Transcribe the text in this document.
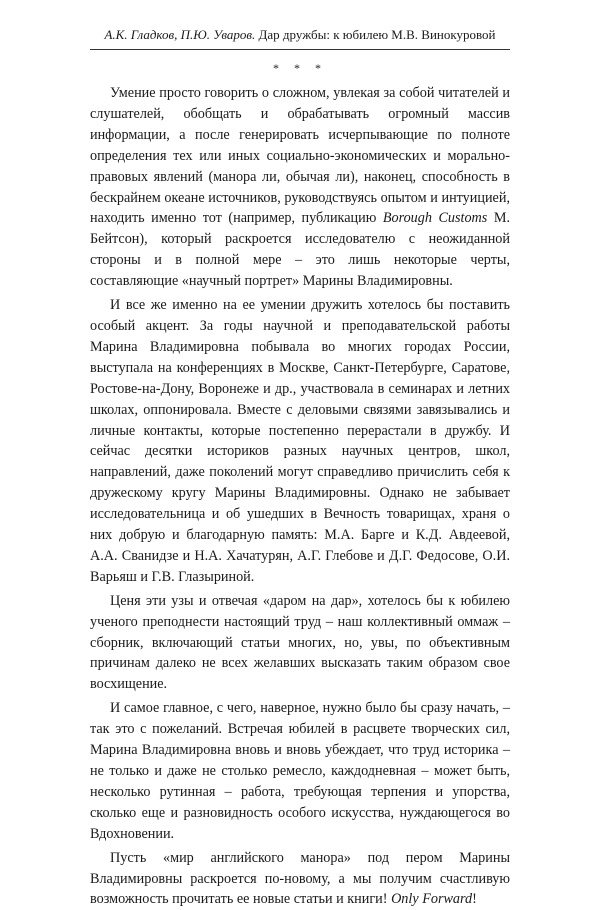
А.К. Гладков, П.Ю. Уваров. Дар дружбы: к юбилею М.В. Винокуровой
* * *

Умение просто говорить о сложном, увлекая за собой читателей и слушателей, обобщать и обрабатывать огромный массив информации, а после генерировать исчерпывающие по полноте определения тех или иных социально-экономических и морально-правовых явлений (манора ли, обычая ли), наконец, способность в бескрайнем океане источников, руководствуясь опытом и интуицией, находить именно тот (например, публикацию Borough Customs М. Бейтсон), который раскроется исследователю с неожиданной стороны и в полной мере – это лишь некоторые черты, составляющие «научный портрет» Марины Владимировны.

И все же именно на ее умении дружить хотелось бы поставить особый акцент. За годы научной и преподавательской работы Марина Владимировна побывала во многих городах России, выступала на конференциях в Москве, Санкт-Петербурге, Саратове, Ростове-на-Дону, Воронеже и др., участвовала в семинарах и летних школах, оппонировала. Вместе с деловыми связями завязывались и личные контакты, которые постепенно перерастали в дружбу. И сейчас десятки историков разных научных центров, школ, направлений, даже поколений могут справедливо причислить себя к дружескому кругу Марины Владимировны. Однако не забывает исследовательница и об ушедших в Вечность товарищах, храня о них добрую и благодарную память: М.А. Барге и К.Д. Авдеевой, А.А. Сванидзе и Н.А. Хачатурян, А.Г. Глебове и Д.Г. Федосове, О.И. Варьяш и Г.В. Глазыриной.

Ценя эти узы и отвечая «даром на дар», хотелось бы к юбилею ученого преподнести настоящий труд – наш коллективный оммаж – сборник, включающий статьи многих, но, увы, по объективным причинам далеко не всех желавших высказать таким образом свое восхищение.

И самое главное, с чего, наверное, нужно было бы сразу начать, – так это с пожеланий. Встречая юбилей в расцвете творческих сил, Марина Владимировна вновь и вновь убеждает, что труд историка – не только и даже не столько ремесло, каждодневная – может быть, несколько рутинная – работа, требующая терпения и упорства, сколько еще и разновидность особого искусства, нуждающегося во Вдохновении.

Пусть «мир английского манора» под пером Марины Владимировны раскроется по-новому, а мы получим счастливую возможность прочитать ее новые статьи и книги! Only Forward!
